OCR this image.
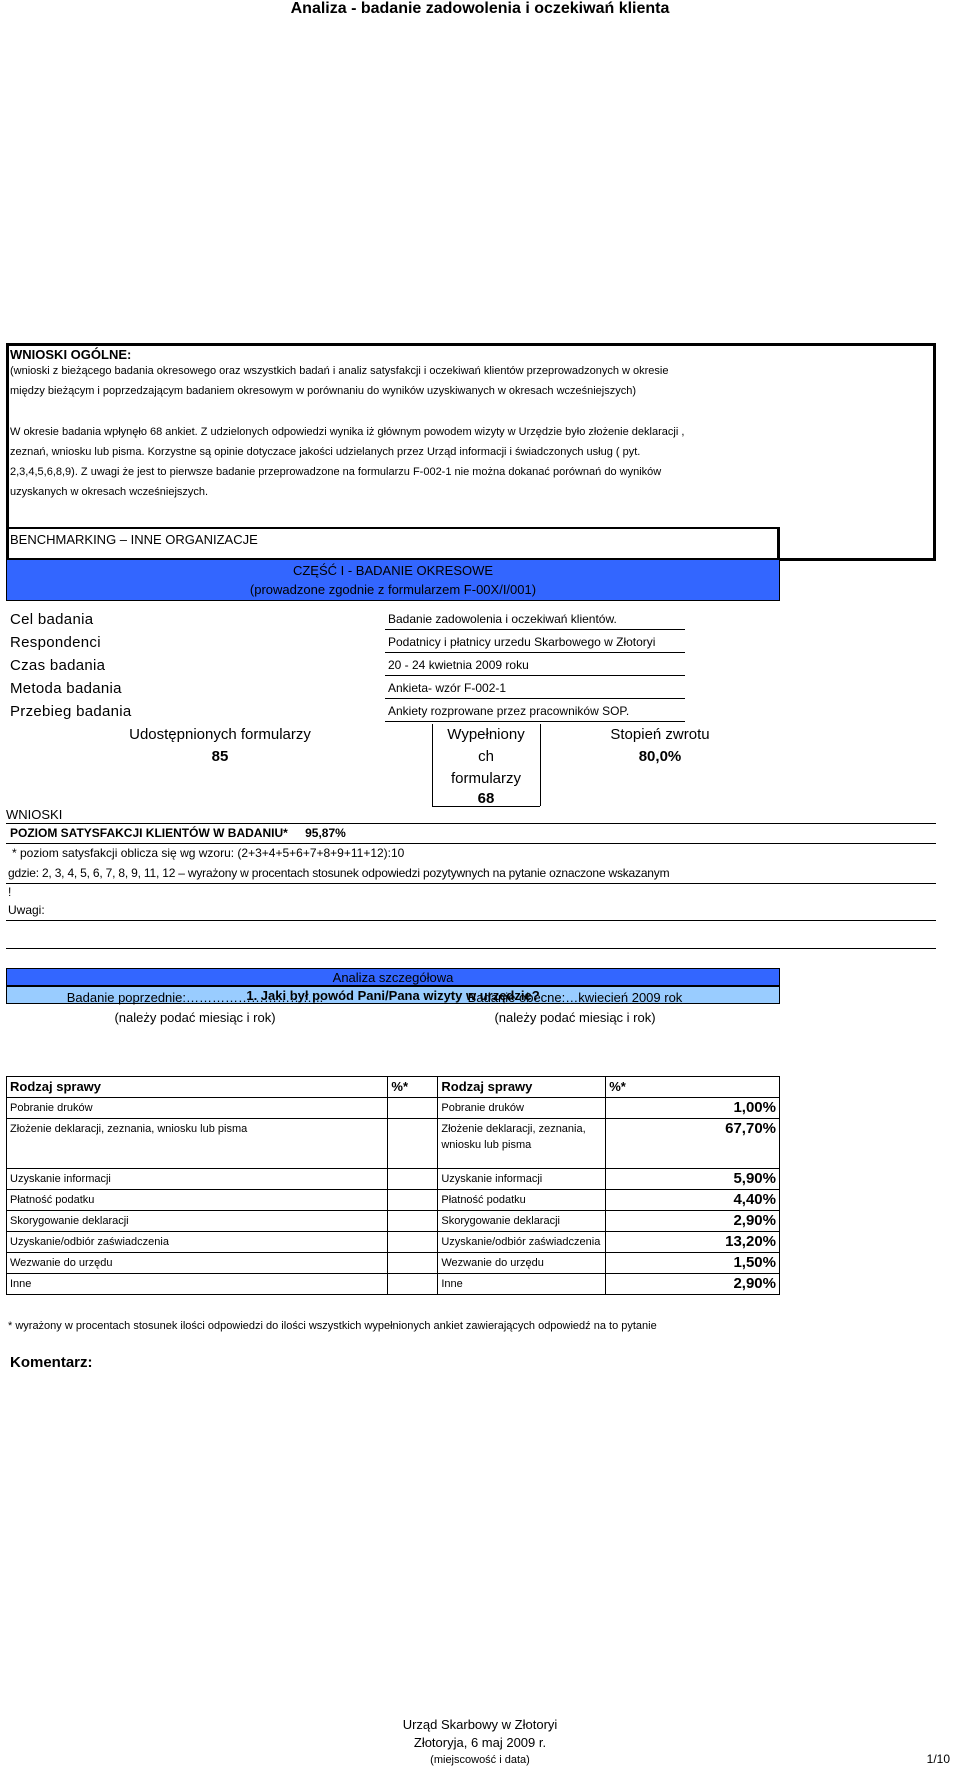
Analiza - badanie zadowolenia i oczekiwań klienta
WNIOSKI OGÓLNE:
(wnioski z bieżącego badania okresowego oraz wszystkich badań i analiz satysfakcji i oczekiwań klientów przeprowadzonych w okresie
między bieżącym i poprzedzającym badaniem okresowym w porównaniu do wyników uzyskiwanych w okresach wcześniejszych)
W okresie badania wpłynęło 68 ankiet. Z udzielonych odpowiedzi wynika iż głównym powodem wizyty w Urzędzie było złożenie deklaracji ,
zeznań, wniosku lub pisma. Korzystne są opinie dotyczace jakości udzielanych przez Urząd informacji i świadczonych usług ( pyt.
2,3,4,5,6,8,9). Z uwagi że jest to pierwsze badanie przeprowadzone na formularzu F-002-1 nie można dokanać porównań do wyników
uzyskanych w okresach wcześniejszych.
BENCHMARKING – INNE ORGANIZACJE
CZĘŚĆ I - BADANIE OKRESOWE
(prowadzone zgodnie z formularzem F-00X/I/001)
Cel badania	Badanie zadowolenia i oczekiwań klientów.
Respondenci	Podatnicy i płatnicy urzedu Skarbowego w Złotoryi
Czas badania	20 - 24 kwietnia 2009 roku
Metoda badania	Ankieta- wzór F-002-1
Przebieg badania	Ankiety rozprowane przez pracowników SOP.
Udostępnionych formularzy
85
Wypełniony
ch
formularzy
68
Stopień zwrotu
80,0%
WNIOSKI
POZIOM SATYSFAKCJI KLIENTÓW W BADANIU* 95,87%
* poziom satysfakcji oblicza się wg wzoru: (2+3+4+5+6+7+8+9+11+12):10
gdzie: 2, 3, 4, 5, 6, 7, 8, 9, 11, 12 – wyrażony w procentach stosunek odpowiedzi pozytywnych na pytanie oznaczone wskazanym
!
Uwagi:
Analiza szczegółowa
1. Jaki był powód Pani/Pana wizyty w urzędzie?
Badanie poprzednie:…………………………..
(należy podać miesiąc i rok)
Badanie obecne:…kwiecień 2009 rok
(należy podać miesiąc i rok)
Rodzaj sprawy	%*	Rodzaj sprawy	%*
Pobranie druków		Pobranie druków	1,00%
Złożenie deklaracji, zeznania, wniosku lub pisma		Złożenie deklaracji, zeznania, wniosku lub pisma	67,70%
Uzyskanie informacji		Uzyskanie informacji	5,90%
Płatność podatku		Płatność podatku	4,40%
Skorygowanie deklaracji		Skorygowanie deklaracji	2,90%
Uzyskanie/odbiór zaświadczenia		Uzyskanie/odbiór zaświadczenia	13,20%
Wezwanie do urzędu		Wezwanie do urzędu	1,50%
Inne		Inne	2,90%
* wyrażony w procentach stosunek ilości odpowiedzi do ilości wszystkich wypełnionych ankiet zawierających odpowiedź na to pytanie
Komentarz:
Urząd Skarbowy w Złotoryi
Złotoryja, 6 maj 2009 r.
(miejscowość i data)	1/10
